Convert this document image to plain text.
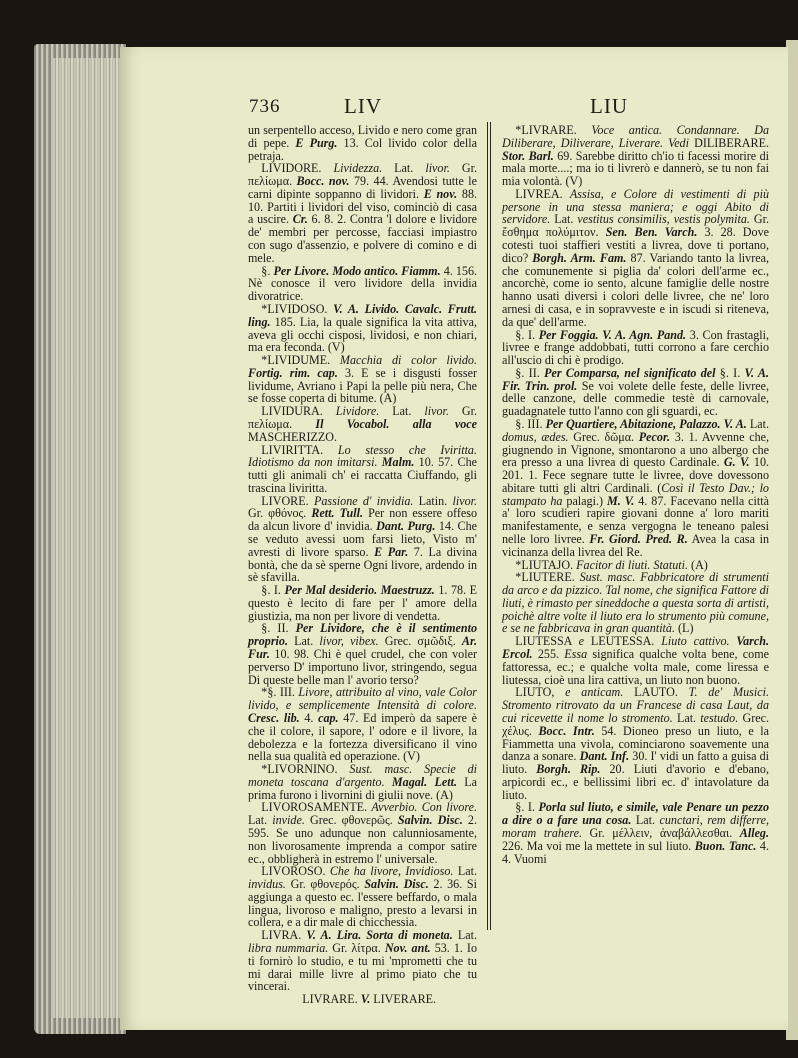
736	LIV	LIU

un serpentello acceso, Livido e nero come gran di pepe. E Purg. 13. Col livido color della petraja.

LIVIDORE. Lividezza. Lat. livor. Gr. πελίωμα. Bocc. nov. 79. 44. Avendosi tutte le carni dipinte soppanno di lividori. E nov. 88. 10. Partiti i lividori del viso, cominciò di casa a uscire. Cr. 6. 8. 2. Contra 'l dolore e lividore de' membri per percosse, facciasi impiastro con sugo d'assenzio, e polvere di comino e di mele.

§. Per Livore. Modo antico. Fiamm. 4. 156. Nè conosce il vero lividore della invidia divoratrice.

*LIVIDOSO. V. A. Livido. Cavalc. Frutt. ling. 185. Lia, la quale significa la vita attiva, aveva gli occhi cisposi, lividosi, e non chiari, ma era feconda. (V)

*LIVIDUME. Macchia di color livido. Fortig. rim. cap. 3. E se i disgusti fosser lividume, Avriano i Papi la pelle più nera, Che se fosse coperta di bitume. (A)

LIVIDURA. Lividore. Lat. livor. Gr. πελίωμα. Il Vocabol. alla voce MASCHERIZZO.

LIVIRITTA. Lo stesso che Iviritta. Idiotismo da non imitarsi. Malm. 10. 57. Che tutti gli animali ch' ei raccatta Ciuffando, gli trascina liviritta.

LIVORE. Passione d' invidia. Latin. livor. Gr. φθόνος. Rett. Tull. Per non essere offeso da alcun livore d' invidia. Dant. Purg. 14. Che se veduto avessi uom farsi lieto, Visto m' avresti di livore sparso. E Par. 7. La divina bontà, che da sè sperne Ogni livore, ardendo in sè sfavilla.

§. I. Per Mal desiderio. Maestruzz. 1. 78. E questo è lecito di fare per l' amore della giustizia, ma non per livore di vendetta.

§. II. Per Lividore, che è il sentimento proprio. Lat. livor, vibex. Grec. σμῶδιξ. Ar. Fur. 10. 98. Chi è quel crudel, che con voler perverso D' importuno livor, stringendo, segua Di queste belle man l' avorio terso?

*§. III. Livore, attribuito al vino, vale Color livido, e semplicemente Intensità di colore. Cresc. lib. 4. cap. 47. Ed imperò da sapere è che il colore, il sapore, l' odore e il livore, la debolezza e la fortezza diversificano il vino nella sua qualità ed operazione. (V)

*LIVORNINO. Sust. masc. Specie di moneta toscana d'argento. Magal. Lett. La prima furono i livornini di giulii nove. (A)

LIVOROSAMENTE. Avverbio. Con livore. Lat. invide. Grec. φθονερῶς. Salvin. Disc. 2. 595. Se uno adunque non calunniosamente, non livorosamente imprenda a compor satire ec., obbligherà in estremo l' universale.

LIVOROSO. Che ha livore, Invidioso. Lat. invidus. Gr. φθονερός. Salvin. Disc. 2. 36. Si aggiunga a questo ec. l'essere beffardo, o mala lingua, livoroso e maligno, presto a levarsi in collera, e a dir male di chicchessia.

LIVRA. V. A. Lira. Sorta di moneta. Lat. libra nummaria. Gr. λίτρα. Nov. ant. 53. 1. Io ti fornirò lo studio, e tu mi 'mprometti che tu mi darai mille livre al primo piato che tu vincerai.

LIVRARE. V. LIVERARE.

*LIVRARE. Voce antica. Condannare. Da Diliberare, Diliverare, Liverare. Vedi DILIBERARE. Stor. Barl. 69. Sarebbe diritto ch'io ti facessi morire di mala morte....; ma io ti livrerò e dannerò, se tu non fai mia volontà. (V)

LIVREA. Assisa, e Colore di vestimenti di più persone in una stessa maniera; e oggi Abito di servidore. Lat. vestitus consimilis, vestis polymita. Gr. ἔσθημα πολύμιτον. Sen. Ben. Varch. 3. 28. Dove cotesti tuoi staffieri vestiti a livrea, dove ti portano, dico? Borgh. Arm. Fam. 87. Variando tanto la livrea, che comunemente si piglia da' colori dell'arme ec., ancorchè, come io sento, alcune famiglie delle nostre hanno usati diversi i colori delle livree, che ne' loro arnesi di casa, e in sopravveste e in iscudi si riteneva, da que' dell'arme.

§. I. Per Foggia. V. A. Agn. Pand. 3. Con frastagli, livree e frange addobbati, tutti corrono a fare cerchio all'uscio di chi è prodigo.

§. II. Per Comparsa, nel significato del §. I. V. A. Fir. Trin. prol. Se voi volete delle feste, delle livree, delle canzone, delle commedie testè di carnovale, guadagnatele tutto l'anno con gli sguardi, ec.

§. III. Per Quartiere, Abitazione, Palazzo. V. A. Lat. domus, ædes. Grec. δῶμα. Pecor. 3. 1. Avvenne che, giugnendo in Vignone, smontarono a uno albergo che era presso a una livrea di questo Cardinale. G. V. 10. 201. 1. Fece segnare tutte le livree, dove dovessono abitare tutti gli altri Cardinali. (Così il Testo Dav.; lo stampato ha palagi.) M. V. 4. 87. Facevano nella città a' loro scudieri rapire giovani donne a' loro mariti manifestamente, e senza vergogna le teneano palesi nelle loro livree. Fr. Giord. Pred. R. Avea la casa in vicinanza della livrea del Re.

*LIUTAJO. Facitor di liuti. Statuti. (A)

*LIUTERE. Sust. masc. Fabbricatore di strumenti da arco e da pizzico. Tal nome, che significa Fattore di liuti, è rimasto per sineddoche a questa sorta di artisti, poichè altre volte il liuto era lo strumento più comune, e se ne fabbricava in gran quantità. (L)

LIUTESSA e LEUTESSA. Liuto cattivo. Varch. Ercol. 255. Essa significa qualche volta bene, come fattoressa, ec.; e qualche volta male, come liressa e liutessa, cioè una lira cattiva, un liuto non buono.

LIUTO, e anticam. LAUTO. T. de' Musici. Stromento ritrovato da un Francese di casa Laut, da cui ricevette il nome lo stromento. Lat. testudo. Grec. χέλυς. Bocc. Intr. 54. Dioneo preso un liuto, e la Fiammetta una vivola, cominciarono soavemente una danza a sonare. Dant. Inf. 30. I' vidi un fatto a guisa di liuto. Borgh. Rip. 20. Liuti d'avorio e d'ebano, arpicordi ec., e bellissimi libri ec. d' intavolature da liuto.

§. I. Porla sul liuto, e simile, vale Penare un pezzo a dire o a fare una cosa. Lat. cunctari, rem differre, moram trahere. Gr. μέλλειν, ἀναβάλλεσθαι. Alleg. 226. Ma voi me la mettete in sul liuto. Buon. Tanc. 4. 4. Vuomi
